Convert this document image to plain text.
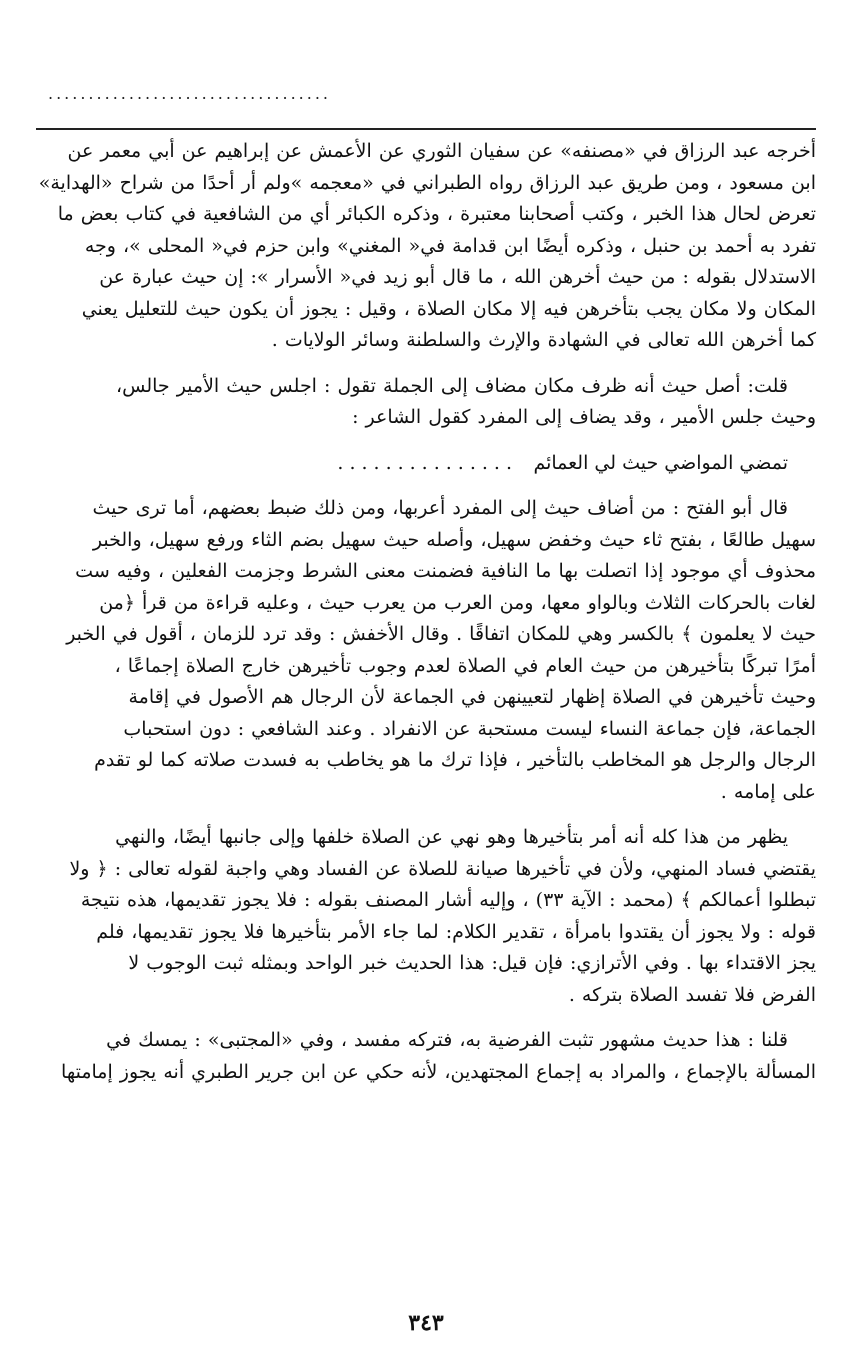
...................................
أخرجه عبد الرزاق في «مصنفه» عن سفيان الثوري عن الأعمش عن إبراهيم عن أبي معمر عن
ابن مسعود ، ومن طريق عبد الرزاق رواه الطبراني في «معجمه »ولم أر أحدًا من شراح «الهداية»
تعرض لحال هذا الخبر ، وكتب أصحابنا معتبرة ، وذكره الكبائر أي من الشافعية في كتاب بعض ما
تفرد به أحمد بن حنبل ، وذكره أيضًا ابن قدامة في« المغني» وابن حزم في« المحلى »، وجه
الاستدلال بقوله : من حيث أخرهن الله ، ما قال أبو زيد في« الأسرار »: إن حيث عبارة عن
المكان ولا مكان يجب بتأخرهن فيه إلا مكان الصلاة ، وقيل : يجوز أن يكون حيث للتعليل يعني
كما أخرهن الله تعالى في الشهادة والإرث والسلطنة وسائر الولايات .
قلت: أصل حيث أنه ظرف مكان مضاف إلى الجملة تقول : اجلس حيث الأمير جالس،
وحيث جلس الأمير ، وقد يضاف إلى المفرد كقول الشاعر :
تمضي المواضي حيث لي العمائم
...............
قال أبو الفتح : من أضاف حيث إلى المفرد أعربها، ومن ذلك ضبط بعضهم، أما ترى حيث
سهيل طالعًا ، بفتح ثاء حيث وخفض سهيل، وأصله حيث سهيل بضم الثاء ورفع سهيل، والخبر
محذوف أي موجود إذا اتصلت بها ما النافية فضمنت معنى الشرط وجزمت الفعلين ، وفيه ست
لغات بالحركات الثلاث وبالواو معها، ومن العرب من يعرب حيث ، وعليه قراءة من قرأ ﴿من
حيث لا يعلمون ﴾ بالكسر وهي للمكان اتفاقًا . وقال الأخفش : وقد ترد للزمان ، أقول في الخبر
أمرًا تبركًا بتأخيرهن من حيث العام في الصلاة لعدم وجوب تأخيرهن خارج الصلاة إجماعًا ،
وحيث تأخيرهن في الصلاة إظهار لتعيينهن في الجماعة لأن الرجال هم الأصول في إقامة
الجماعة، فإن جماعة النساء ليست مستحبة عن الانفراد . وعند الشافعي : دون استحباب
الرجال والرجل هو المخاطب بالتأخير ، فإذا ترك ما هو يخاطب به فسدت صلاته كما لو تقدم
على إمامه .
يظهر من هذا كله أنه أمر بتأخيرها وهو نهي عن الصلاة خلفها وإلى جانبها أيضًا، والنهي
يقتضي فساد المنهي، ولأن في تأخيرها صيانة للصلاة عن الفساد وهي واجبة لقوله تعالى : ﴿ ولا
تبطلوا أعمالكم ﴾ (محمد : الآية ٣٣) ، وإليه أشار المصنف بقوله : فلا يجوز تقديمها، هذه نتيجة
قوله : ولا يجوز أن يقتدوا بامرأة ، تقدير الكلام: لما جاء الأمر بتأخيرها فلا يجوز تقديمها، فلم
يجز الاقتداء بها . وفي الأترازي: فإن قيل: هذا الحديث خبر الواحد وبمثله ثبت الوجوب لا
الفرض فلا تفسد الصلاة بتركه .
قلنا : هذا حديث مشهور تثبت الفرضية به، فتركه مفسد ، وفي «المجتبى» : يمسك في
المسألة بالإجماع ، والمراد به إجماع المجتهدين، لأنه حكي عن ابن جرير الطبري أنه يجوز إمامتها
٣٤٣
